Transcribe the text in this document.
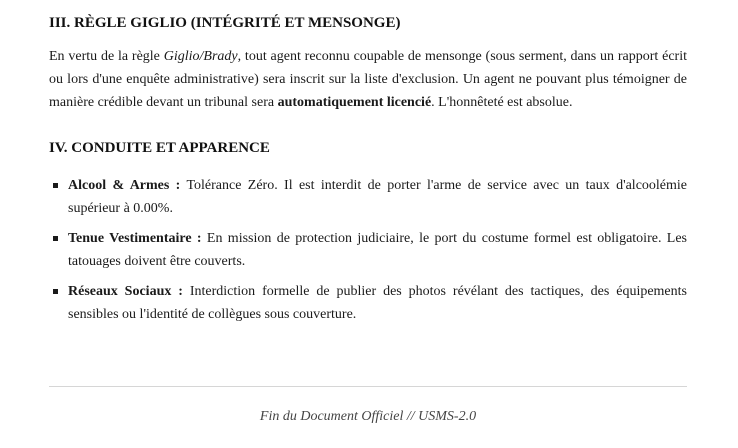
III. RÈGLE GIGLIO (INTÉGRITÉ ET MENSONGE)

En vertu de la règle Giglio/Brady, tout agent reconnu coupable de mensonge (sous serment, dans un rapport écrit ou lors d'une enquête administrative) sera inscrit sur la liste d'exclusion. Un agent ne pouvant plus témoigner de manière crédible devant un tribunal sera automatiquement licencié. L'honnêteté est absolue.

IV. CONDUITE ET APPARENCE
Alcool & Armes : Tolérance Zéro. Il est interdit de porter l'arme de service avec un taux d'alcoolémie supérieur à 0.00%.
Tenue Vestimentaire : En mission de protection judiciaire, le port du costume formel est obligatoire. Les tatouages doivent être couverts.
Réseaux Sociaux : Interdiction formelle de publier des photos révélant des tactiques, des équipements sensibles ou l'identité de collègues sous couverture.
Fin du Document Officiel // USMS-2.0
